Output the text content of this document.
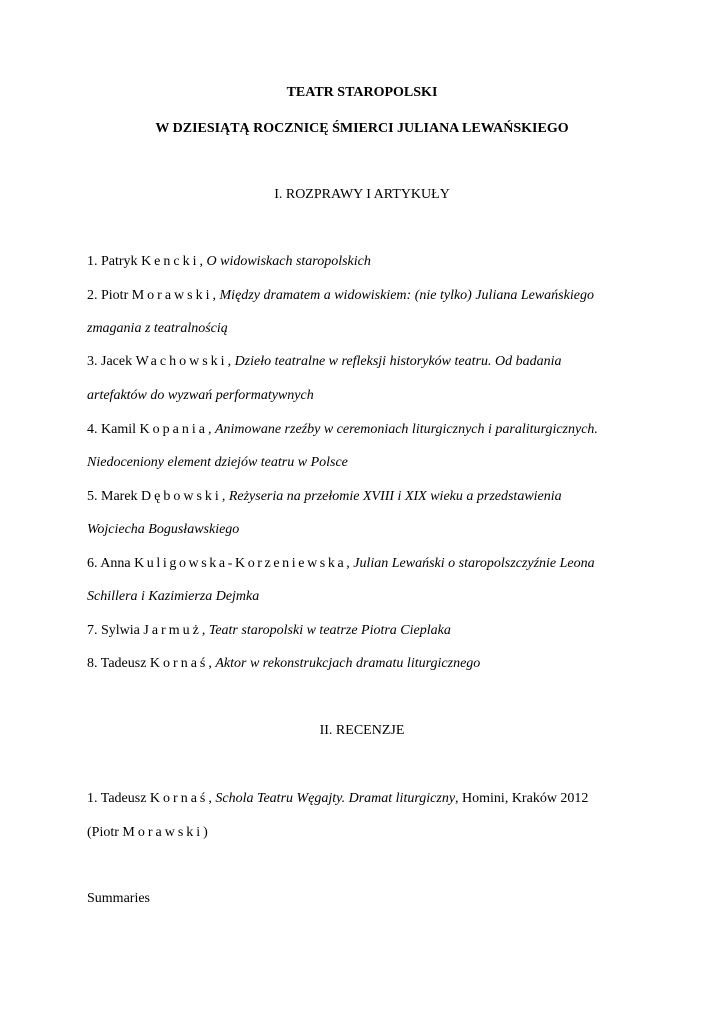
TEATR STAROPOLSKI
W DZIESIĄTĄ ROCZNICĘ ŚMIERCI JULIANA LEWAŃSKIEGO
I. ROZPRAWY I ARTYKUŁY
1. Patryk Kencki, O widowiskach staropolskich
2. Piotr Morawski, Między dramatem a widowiskiem: (nie tylko) Juliana Lewańskiego
zmagania z teatralnością
3. Jacek Wachowski, Dzieło teatralne w refleksji historyków teatru. Od badania
artefaktów do wyzwań performatywnych
4. Kamil Kopania, Animowane rzeźby w ceremoniach liturgicznych i paraliturgicznych.
Niedoceniony element dziejów teatru w Polsce
5. Marek Dębowski, Reżyseria na przełomie XVIII i XIX wieku a przedstawienia
Wojciecha Bogusławskiego
6. Anna Kuligowska-Korzeniewska, Julian Lewański o staropolszczyźnie Leona
Schillera i Kazimierza Dejmka
7. Sylwia Jarmuż, Teatr staropolski w teatrze Piotra Cieplaka
8. Tadeusz Kornaś, Aktor w rekonstrukcjach dramatu liturgicznego
II. RECENZJE
1. Tadeusz Kornaś, Schola Teatru Węgajty. Dramat liturgiczny, Homini, Kraków 2012
(Piotr Morawski)
Summaries
